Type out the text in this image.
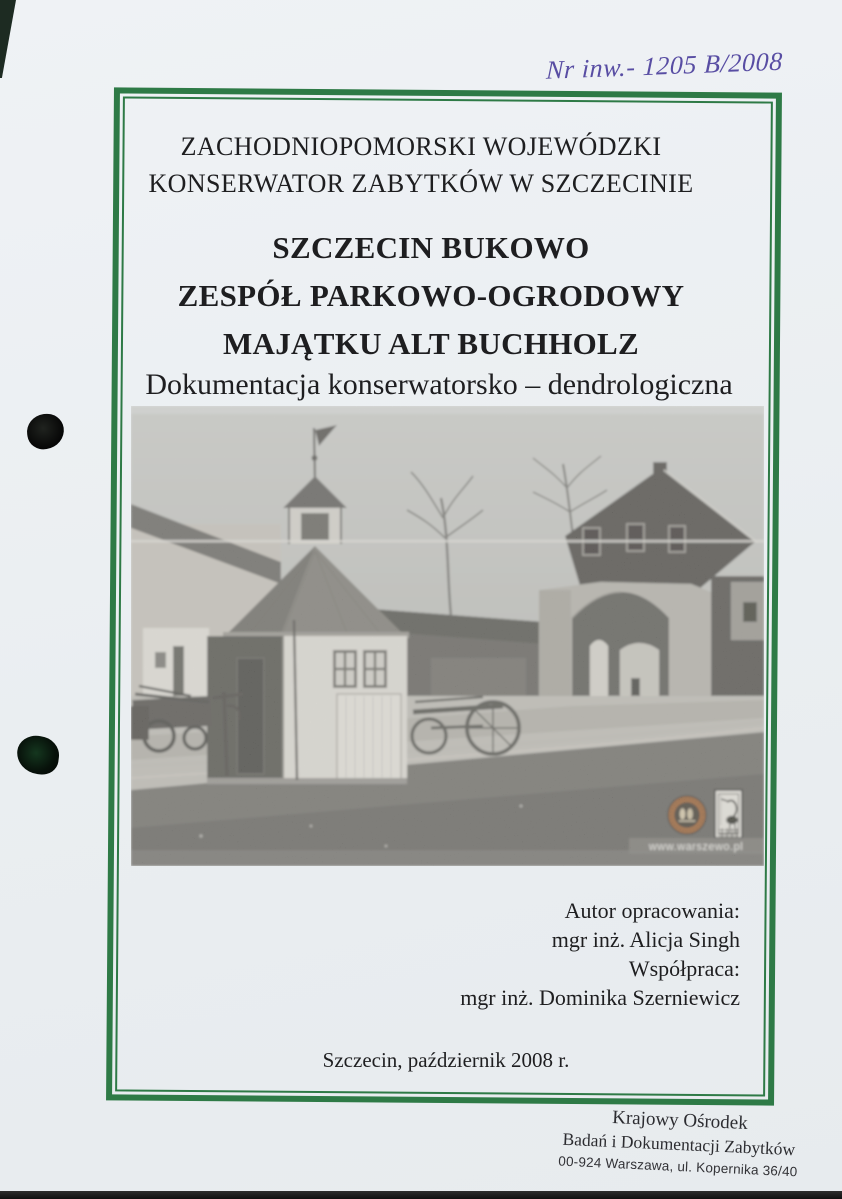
Nr inw.- 1205 B/2008
ZACHODNIOPOMORSKI WOJEWÓDZKI
KONSERWATOR ZABYTKÓW W SZCZECINIE
SZCZECIN BUKOWO
ZESPÓŁ PARKOWO-OGRODOWY
MAJĄTKU ALT BUCHHOLZ
Dokumentacja konserwatorsko – dendrologiczna
www.warszewo.pl
Autor opracowania:
mgr inż. Alicja Singh
Współpraca:
mgr inż. Dominika Szerniewicz
Szczecin, październik 2008 r.
Krajowy Ośrodek
Badań i Dokumentacji Zabytków
00-924 Warszawa, ul. Kopernika 36/40
